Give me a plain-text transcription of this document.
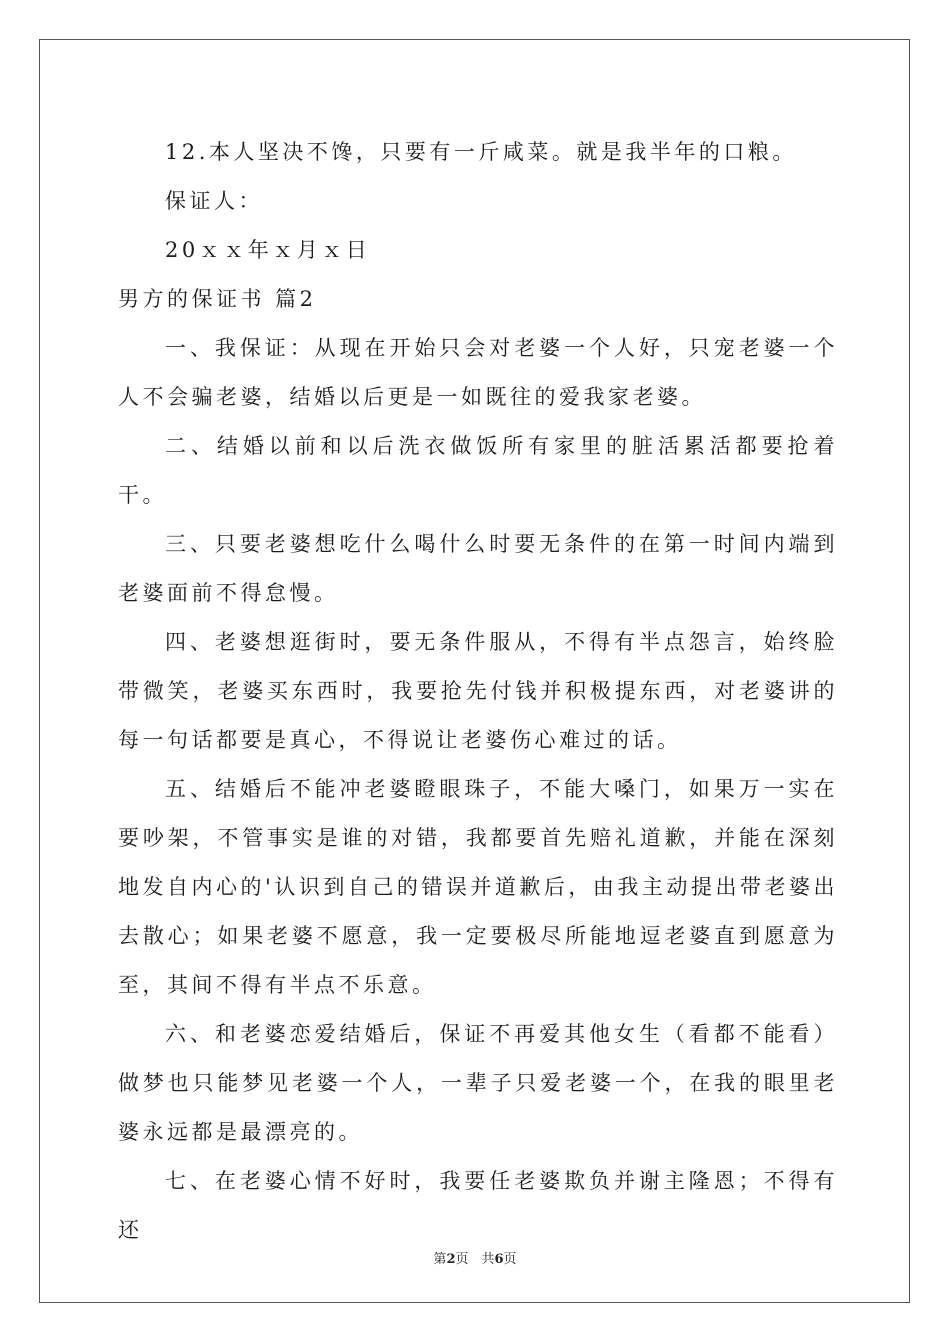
12.本人坚决不馋，只要有一斤咸菜。就是我半年的口粮。
保证人：
20ｘｘ年ｘ月ｘ日
男方的保证书 篇2

一、我保证：从现在开始只会对老婆一个人好，只宠老婆一个人不会骗老婆，结婚以后更是一如既往的爱我家老婆。

二、结婚以前和以后洗衣做饭所有家里的脏活累活都要抢着干。

三、只要老婆想吃什么喝什么时要无条件的在第一时间内端到老婆面前不得怠慢。

四、老婆想逛街时，要无条件服从，不得有半点怨言，始终脸带微笑，老婆买东西时，我要抢先付钱并积极提东西，对老婆讲的每一句话都要是真心，不得说让老婆伤心难过的话。

五、结婚后不能冲老婆瞪眼珠子，不能大嗓门，如果万一实在要吵架，不管事实是谁的对错，我都要首先赔礼道歉，并能在深刻地发自内心的'认识到自己的错误并道歉后，由我主动提出带老婆出去散心；如果老婆不愿意，我一定要极尽所能地逗老婆直到愿意为至，其间不得有半点不乐意。

六、和老婆恋爱结婚后，保证不再爱其他女生（看都不能看）做梦也只能梦见老婆一个人，一辈子只爱老婆一个，在我的眼里老婆永远都是最漂亮的。

七、在老婆心情不好时，我要任老婆欺负并谢主隆恩；不得有还

第2页　共6页
